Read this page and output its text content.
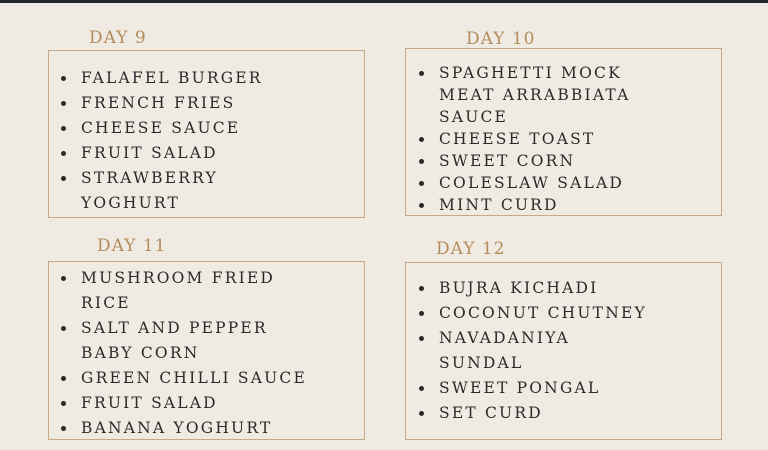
DAY 9
FALAFEL BURGER
FRENCH FRIES
CHEESE SAUCE
FRUIT SALAD
STRAWBERRY
YOGHURT
DAY 10
SPAGHETTI MOCK
MEAT ARRABBIATA
SAUCE
CHEESE TOAST
SWEET CORN
COLESLAW SALAD
MINT CURD
DAY 11
MUSHROOM FRIED
RICE
SALT AND PEPPER
BABY CORN
GREEN CHILLI SAUCE
FRUIT SALAD
BANANA YOGHURT
DAY 12
BUJRA KICHADI
COCONUT CHUTNEY
NAVADANIYA
SUNDAL
SWEET PONGAL
SET CURD
